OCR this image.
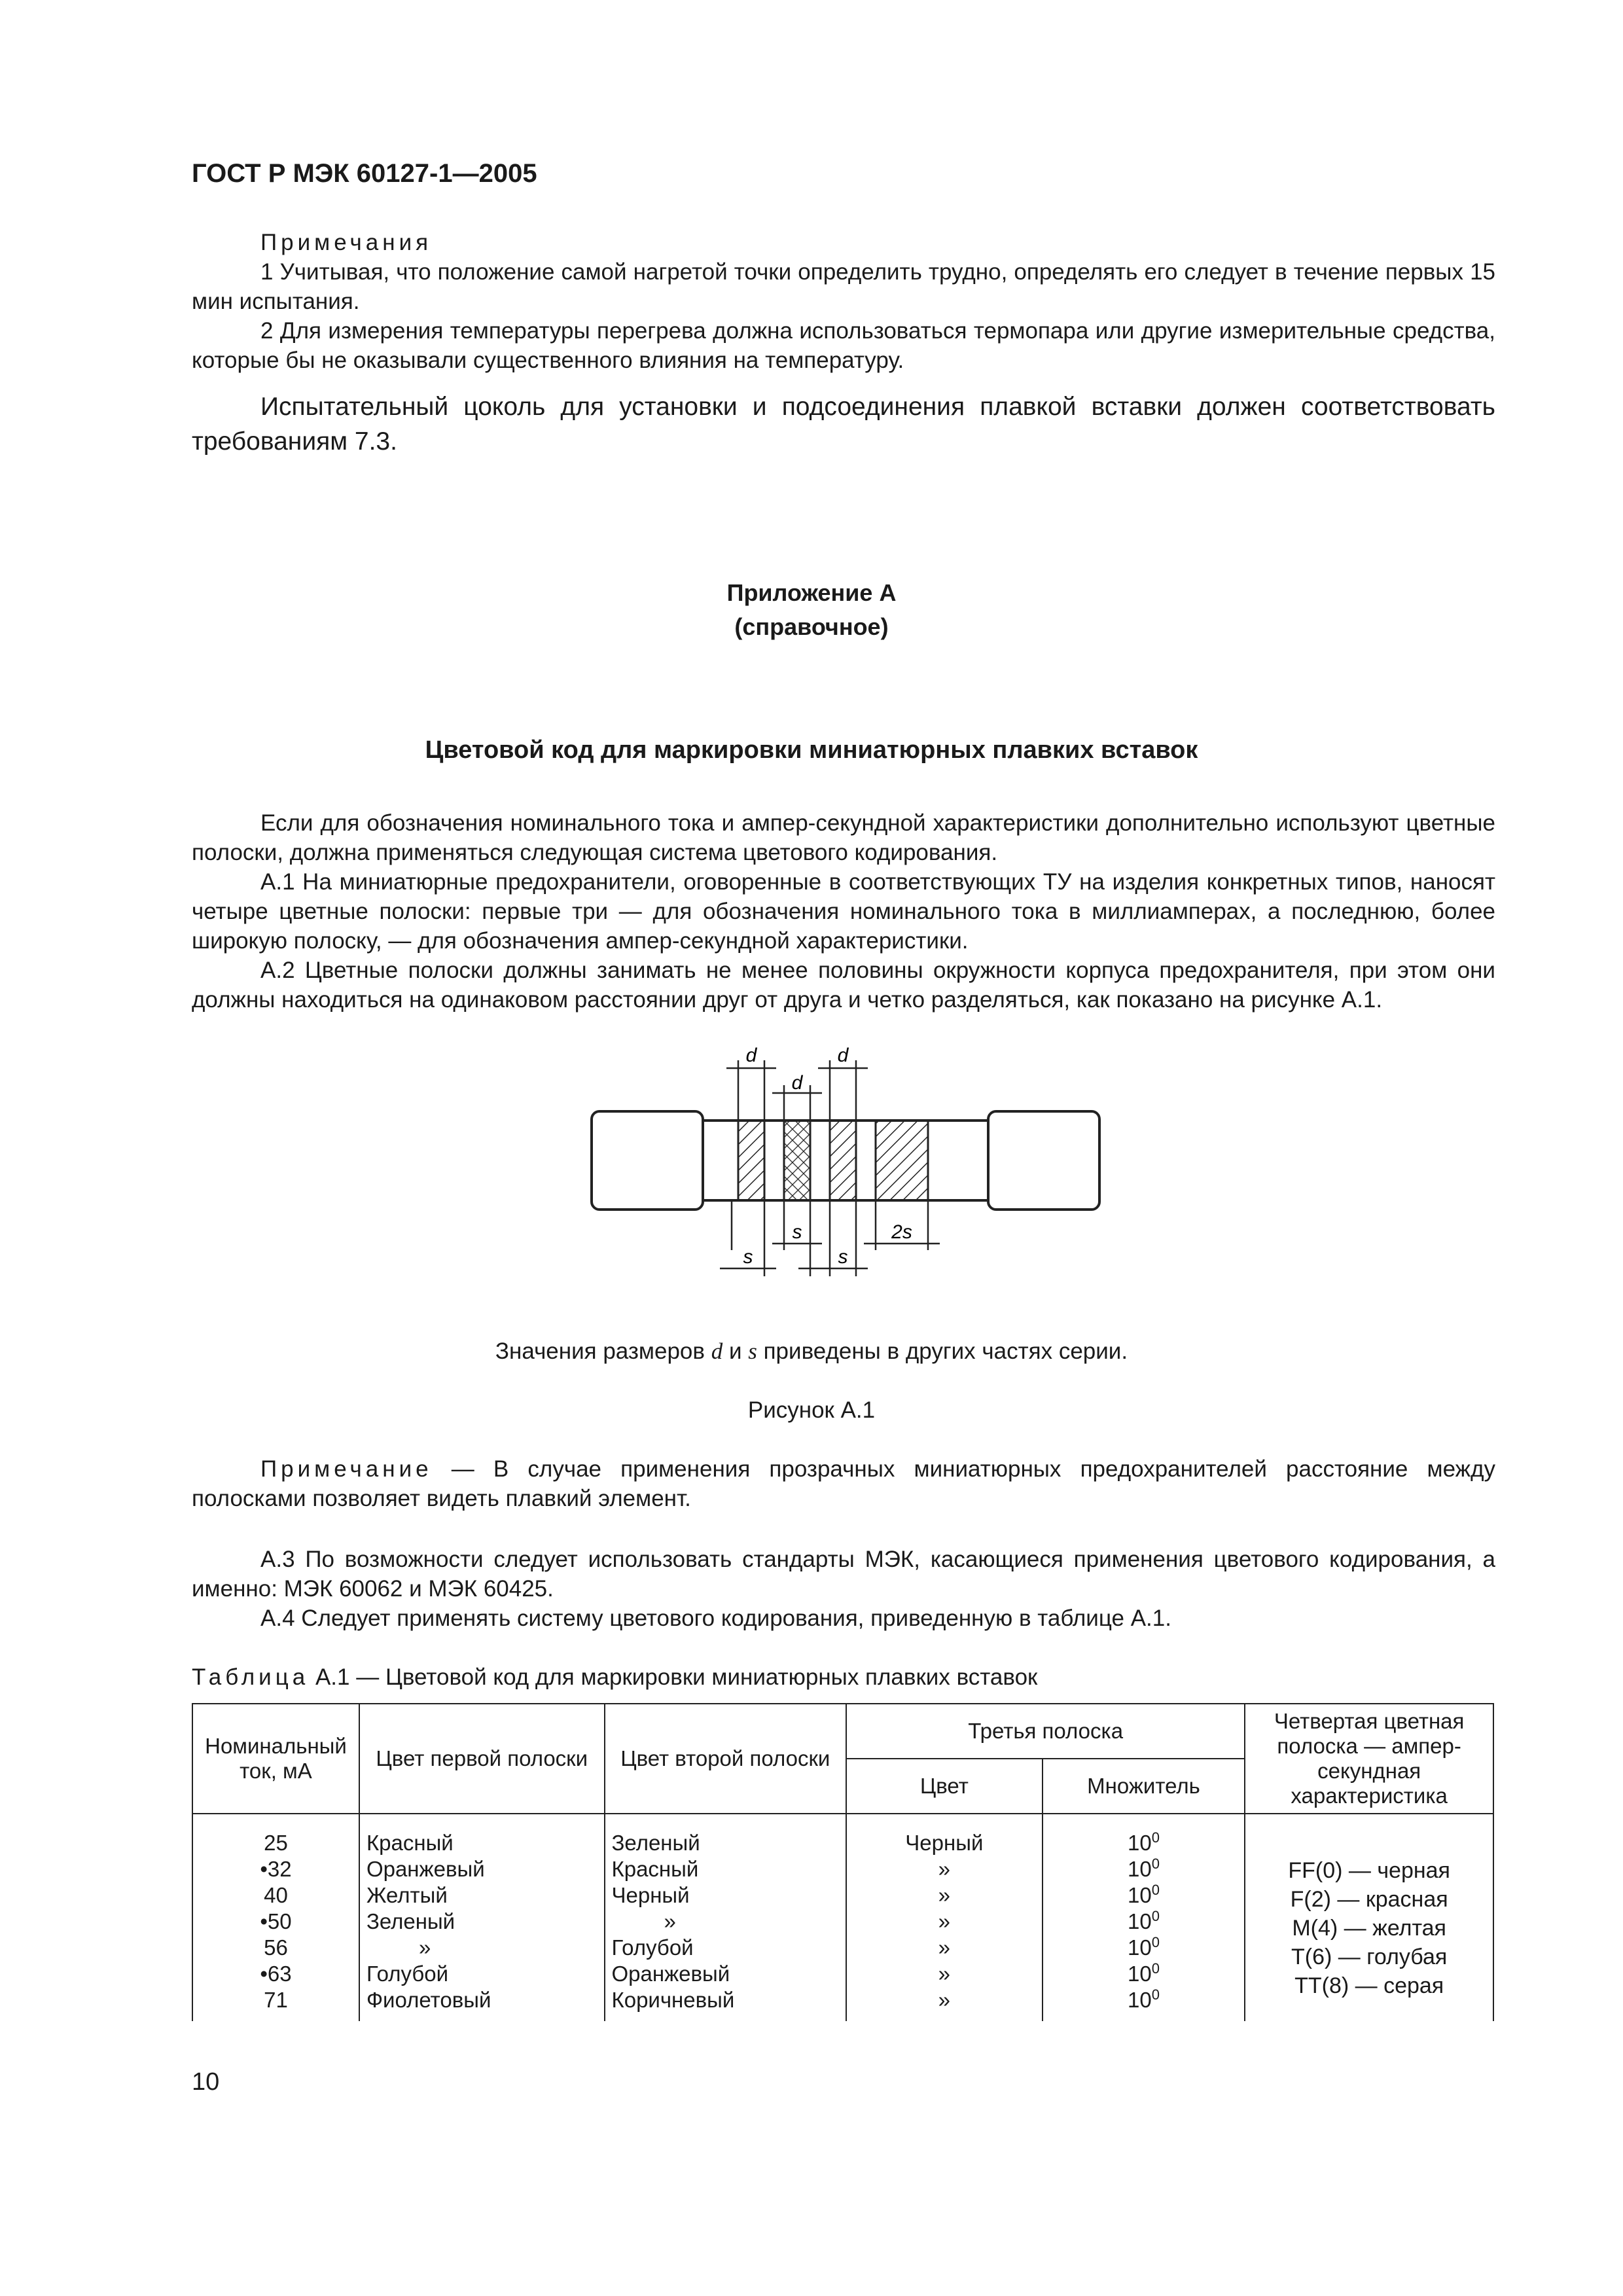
ГОСТ Р МЭК 60127-1—2005
Примечания
1 Учитывая, что положение самой нагретой точки определить трудно, определять его следует в течение первых 15 мин испытания.
2 Для измерения температуры перегрева должна использоваться термопара или другие измерительные средства, которые бы не оказывали существенного влияния на температуру.
Испытательный цоколь для установки и подсоединения плавкой вставки должен соответствовать требованиям 7.3.
Приложение А
(справочное)
Цветовой код для маркировки миниатюрных плавких вставок
Если для обозначения номинального тока и ампер-секундной характеристики дополнительно используют цветные полоски, должна применяться следующая система цветового кодирования.
А.1 На миниатюрные предохранители, оговоренные в соответствующих ТУ на изделия конкретных типов, наносят четыре цветные полоски: первые три — для обозначения номинального тока в миллиамперах, а последнюю, более широкую полоску, — для обозначения ампер-секундной характеристики.
А.2 Цветные полоски должны занимать не менее половины окружности корпуса предохранителя, при этом они должны находиться на одинаковом расстоянии друг от друга и четко разделяться, как показано на рисунке А.1.
d
d
d
s	2s
s	s
Значения размеров d и s приведены в других частях серии.
Рисунок А.1
Примечание — В случае применения прозрачных миниатюрных предохранителей расстояние между полосками позволяет видеть плавкий элемент.
А.3 По возможности следует использовать стандарты МЭК, касающиеся применения цветового кодирования, а именно: МЭК 60062 и МЭК 60425.
А.4 Следует применять систему цветового кодирования, приведенную в таблице А.1.
Таблица А.1 — Цветовой код для маркировки миниатюрных плавких вставок
Номинальный ток, мА	Цвет первой полоски	Цвет второй полоски	Третья полоска		Четвертая цветная полоска — ампер-секундная характеристика
			Цвет	Множитель	
25	Красный	Зеленый	Черный	$10^0$	FF(0) — черная
F(2) — красная
M(4) — желтая
T(6) — голубая
TT(8) — серая

•32	Оранжевый	Красный	»	$10^0$
40	Желтый	Черный	»	$10^0$
•50	Зеленый	»	»	$10^0$
56	»	Голубой	»	$10^0$
•63	Голубой	Оранжевый	»	$10^0$
71	Фиолетовый	Коричневый	»	$10^0$
10
